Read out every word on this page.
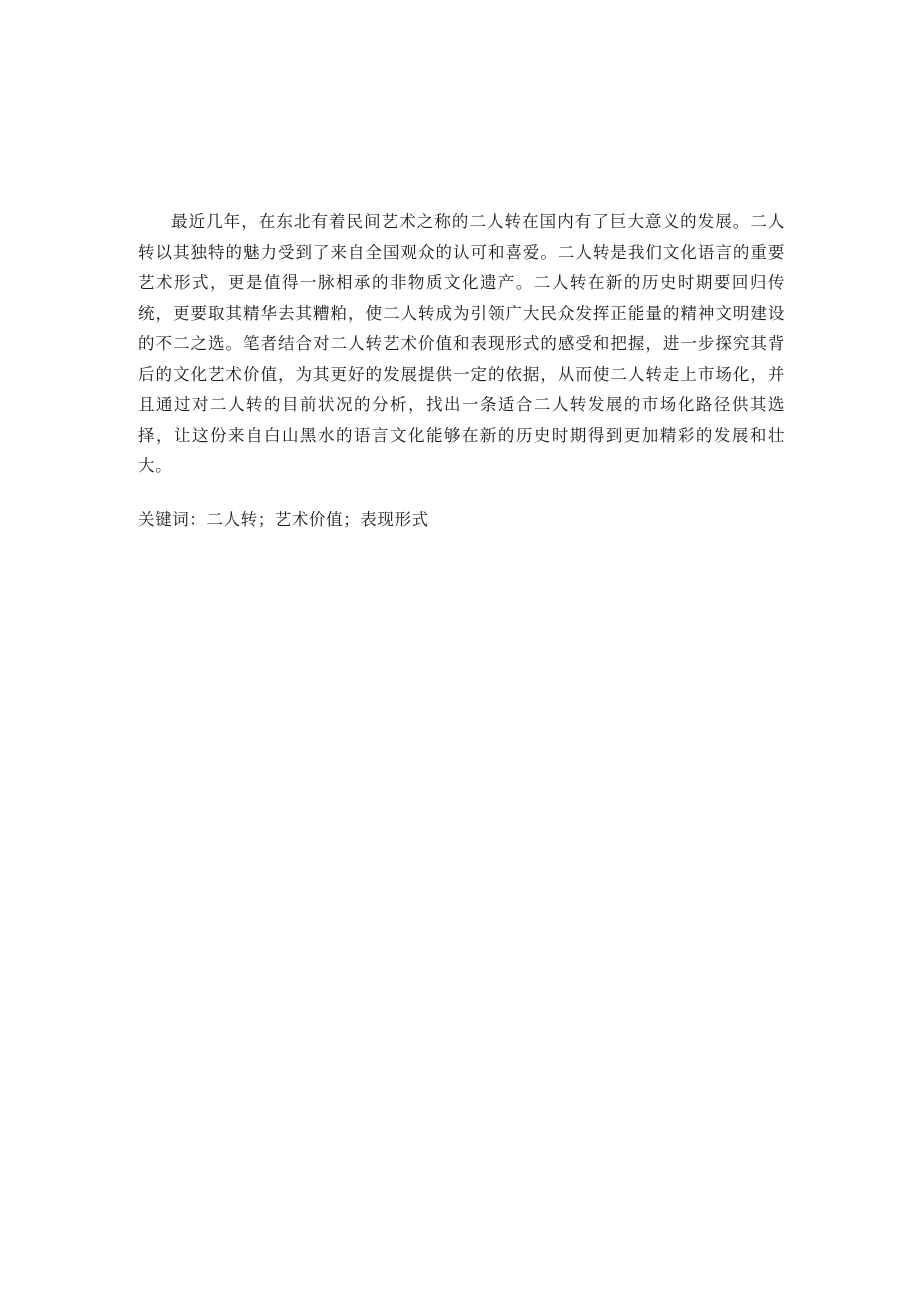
最近几年，在东北有着民间艺术之称的二人转在国内有了巨大意义的发展。二人转以其独特的魅力受到了来自全国观众的认可和喜爱。二人转是我们文化语言的重要艺术形式，更是值得一脉相承的非物质文化遗产。二人转在新的历史时期要回归传统，更要取其精华去其糟粕，使二人转成为引领广大民众发挥正能量的精神文明建设的不二之选。笔者结合对二人转艺术价值和表现形式的感受和把握，进一步探究其背后的文化艺术价值，为其更好的发展提供一定的依据，从而使二人转走上市场化，并且通过对二人转的目前状况的分析，找出一条适合二人转发展的市场化路径供其选择，让这份来自白山黑水的语言文化能够在新的历史时期得到更加精彩的发展和壮大。

关键词：二人转；艺术价值；表现形式
